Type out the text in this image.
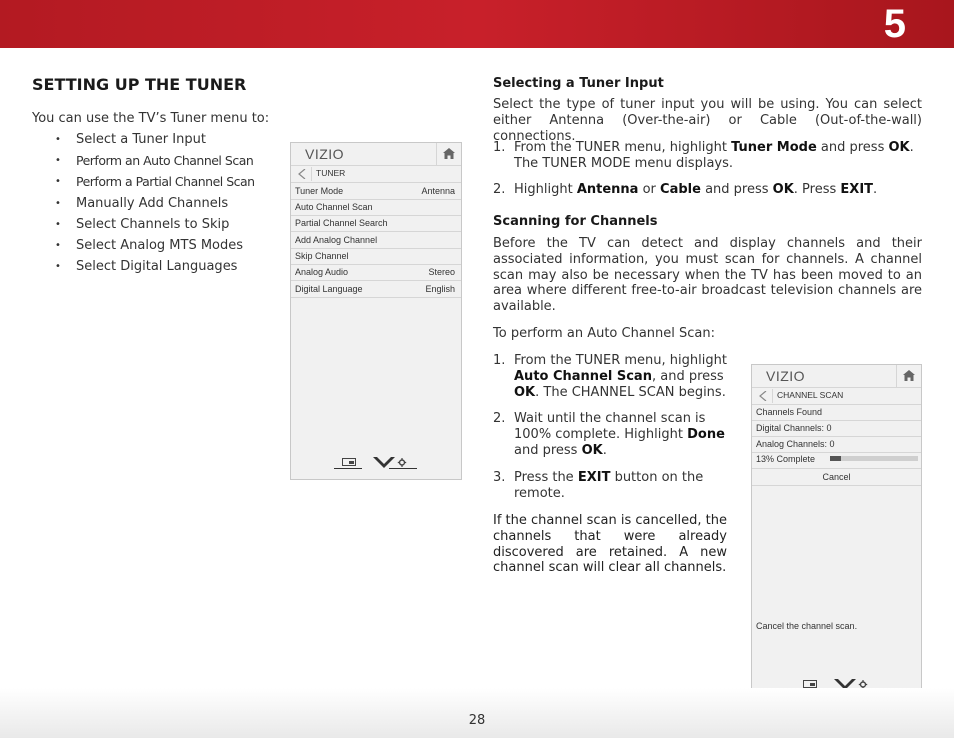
5
SETTING UP THE TUNER
You can use the TV’s Tuner menu to:
• Select a Tuner Input
• Perform an Auto Channel Scan
• Perform a Partial Channel Scan
• Manually Add Channels
• Select Channels to Skip
• Select Analog MTS Modes
• Select Digital Languages
VIZIO
TUNER
Tuner Mode	Antenna
Auto Channel Scan
Partial Channel Search
Add Analog Channel
Skip Channel
Analog Audio	Stereo
Digital Language	English
Selecting a Tuner Input
Select the type of tuner input you will be using. You can select either Antenna (Over-the-air) or Cable (Out-of-the-wall) connections.
1. From the TUNER menu, highlight Tuner Mode and press OK.
The TUNER MODE menu displays.
2. Highlight Antenna or Cable and press OK. Press EXIT.
Scanning for Channels
Before the TV can detect and display channels and their associated information, you must scan for channels. A channel scan may also be necessary when the TV has been moved to an area where different free-to-air broadcast television channels are available.
To perform an Auto Channel Scan:
1. From the TUNER menu, highlight
Auto Channel Scan, and press
OK. The CHANNEL SCAN begins.
2. Wait until the channel scan is
100% complete. Highlight Done
and press OK.
3. Press the EXIT button on the
remote.
If the channel scan is cancelled, the channels that were already discovered are retained. A new channel scan will clear all channels.
VIZIO
CHANNEL SCAN
Channels Found
Digital Channels: 0
Analog Channels: 0
13% Complete
Cancel
Cancel the channel scan.
28
